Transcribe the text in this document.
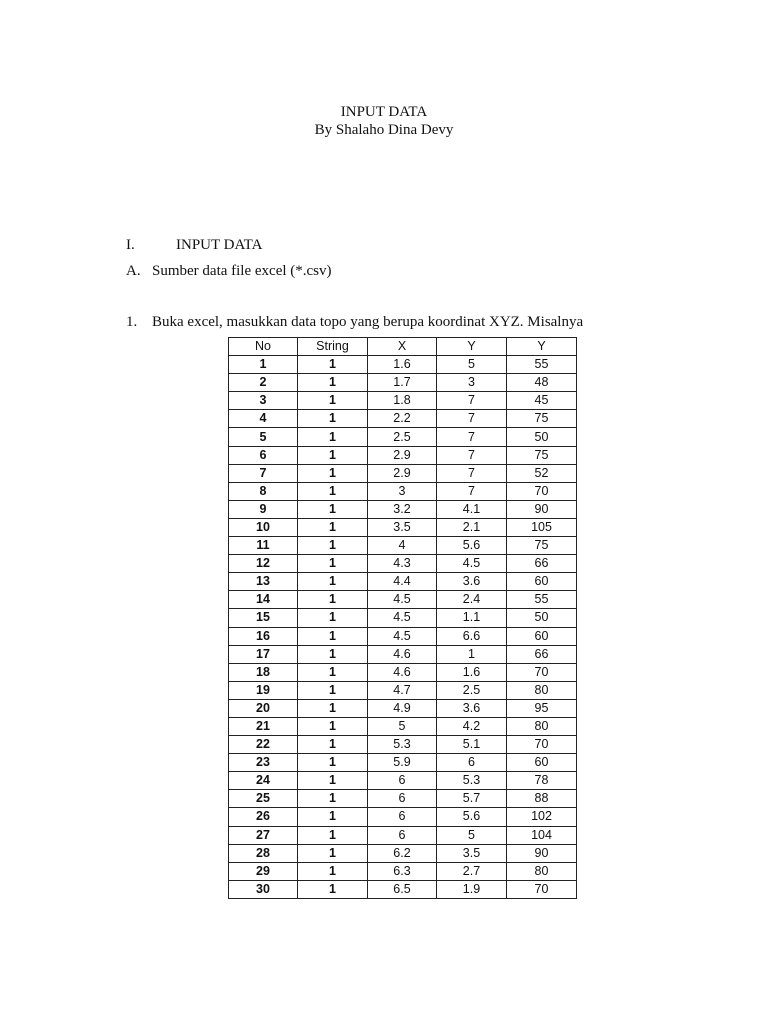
INPUT DATA
By Shalaho Dina Devy
I.	INPUT DATA
A. Sumber data file excel (*.csv)
1. Buka excel, masukkan data topo yang berupa koordinat XYZ. Misalnya
No	String	X	Y	Y
1	1	1.6	5	55
2	1	1.7	3	48
3	1	1.8	7	45
4	1	2.2	7	75
5	1	2.5	7	50
6	1	2.9	7	75
7	1	2.9	7	52
8	1	3	7	70
9	1	3.2	4.1	90
10	1	3.5	2.1	105
11	1	4	5.6	75
12	1	4.3	4.5	66
13	1	4.4	3.6	60
14	1	4.5	2.4	55
15	1	4.5	1.1	50
16	1	4.5	6.6	60
17	1	4.6	1	66
18	1	4.6	1.6	70
19	1	4.7	2.5	80
20	1	4.9	3.6	95
21	1	5	4.2	80
22	1	5.3	5.1	70
23	1	5.9	6	60
24	1	6	5.3	78
25	1	6	5.7	88
26	1	6	5.6	102
27	1	6	5	104
28	1	6.2	3.5	90
29	1	6.3	2.7	80
30	1	6.5	1.9	70
